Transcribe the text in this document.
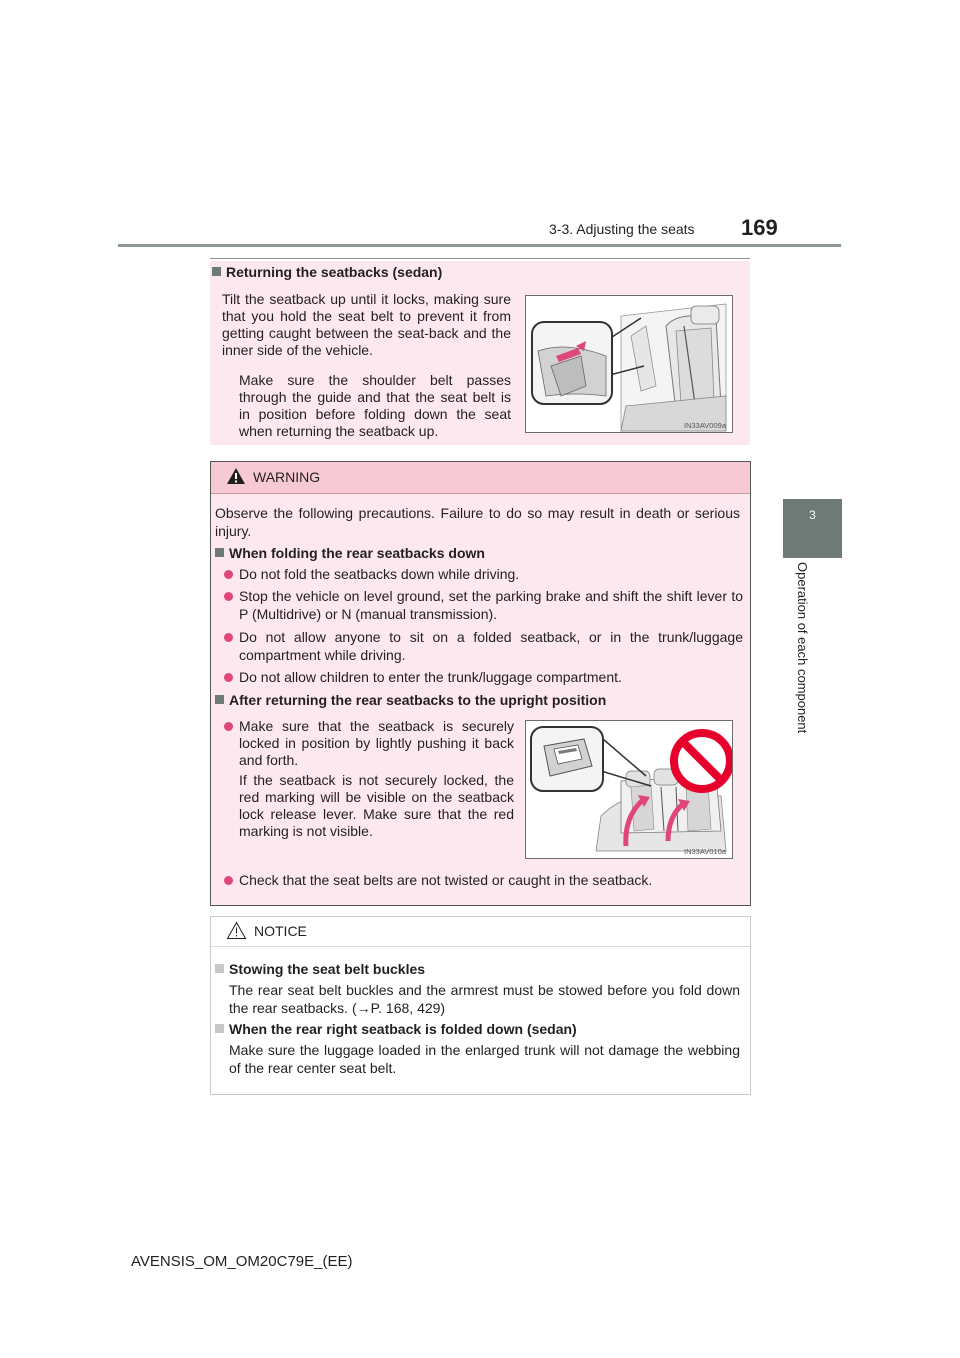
3-3. Adjusting the seats 169
3
Operation of each component
Returning the seatbacks (sedan)
Tilt the seatback up until it locks, making sure that you hold the seat belt to prevent it from getting caught between the seat-back and the inner side of the vehicle.
Make sure the shoulder belt passes through the guide and that the seat belt is in position before folding down the seat when returning the seatback up.	IN33AV009a
WARNING
Observe the following precautions. Failure to do so may result in death or serious injury.
When folding the rear seatbacks down
Do not fold the seatbacks down while driving.
Stop the vehicle on level ground, set the parking brake and shift the shift lever to P (Multidrive) or N (manual transmission).
Do not allow anyone to sit on a folded seatback, or in the trunk/luggage compartment while driving.
Do not allow children to enter the trunk/luggage compartment.
After returning the rear seatbacks to the upright position
Make sure that the seatback is securely locked in position by lightly pushing it back and forth.
If the seatback is not securely locked, the red marking will be visible on the seatback lock release lever. Make sure that the red marking is not visible.
IN33AV010a
Check that the seat belts are not twisted or caught in the seatback.
NOTICE
Stowing the seat belt buckles
The rear seat belt buckles and the armrest must be stowed before you fold down the rear seatbacks. (→P. 168, 429)
When the rear right seatback is folded down (sedan)
Make sure the luggage loaded in the enlarged trunk will not damage the webbing of the rear center seat belt.
AVENSIS_OM_OM20C79E_(EE)
